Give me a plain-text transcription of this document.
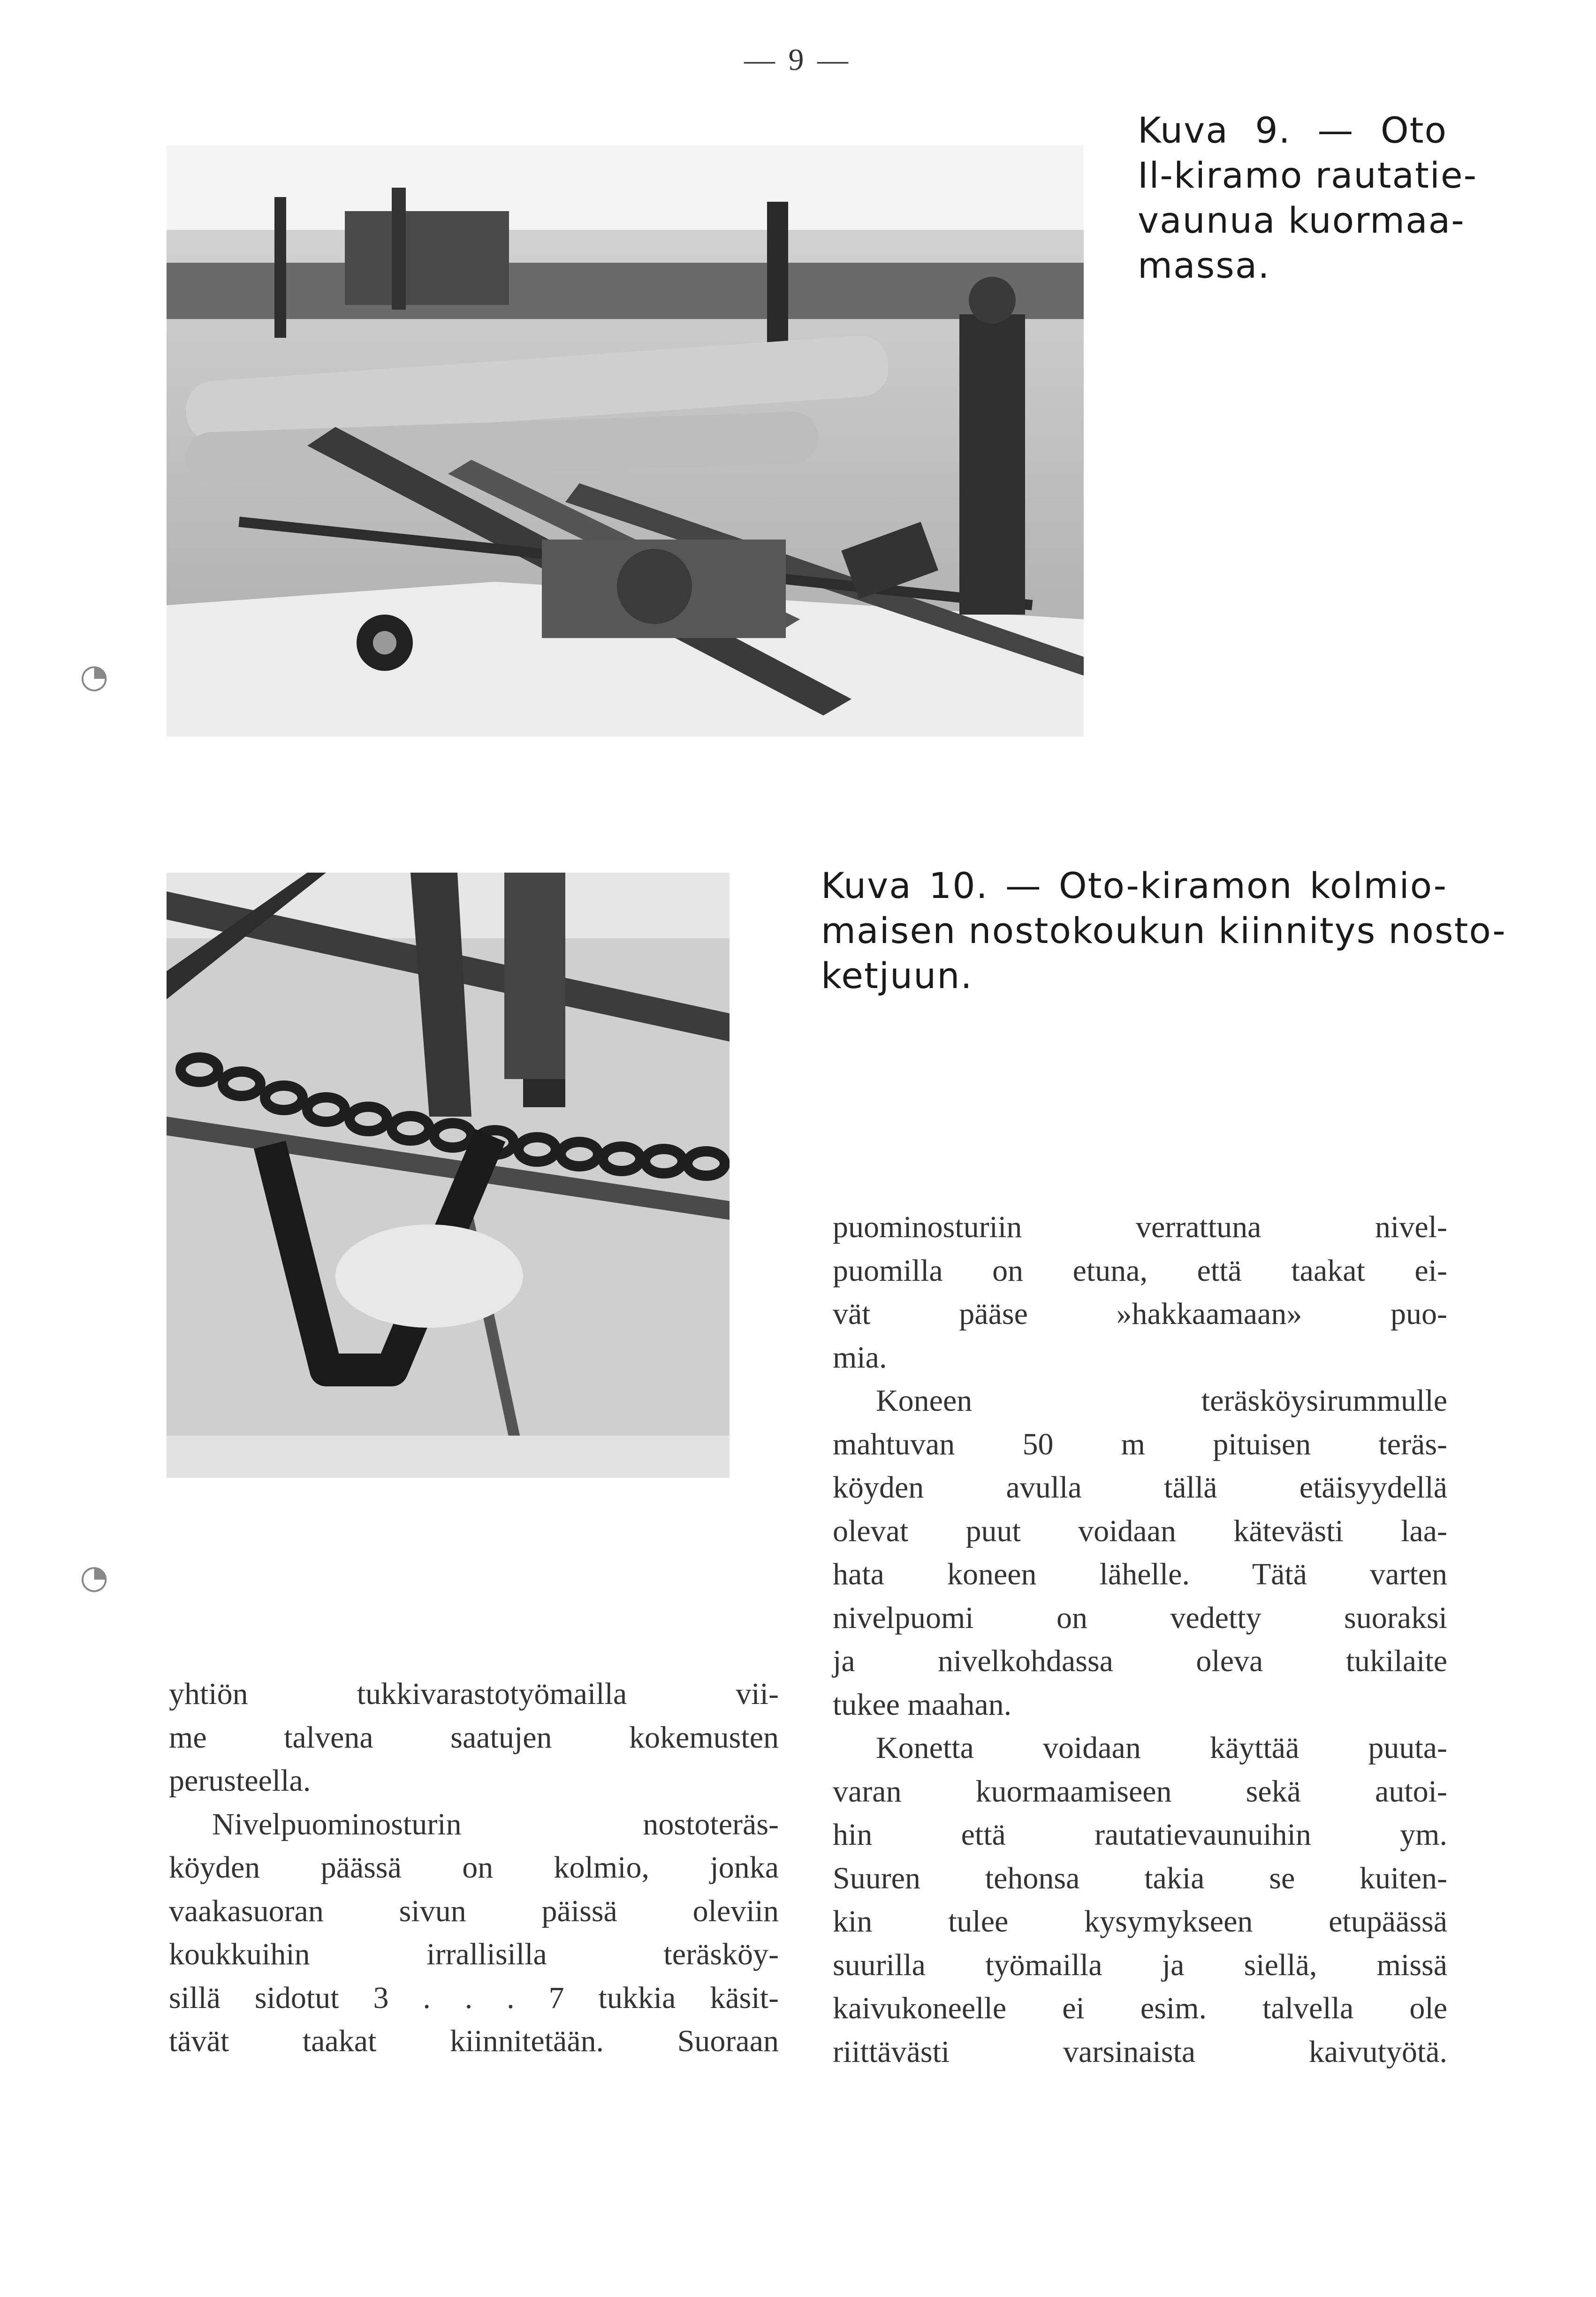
— 9 —
Kuva 9. — Oto
Il-kiramo rautatie-
vaunua kuormaa-
massa.
Kuva 10. — Oto-kiramon kolmio-
maisen nostokoukun kiinnitys nosto-
ketjuun.
yhtiön tukkivarastotyömailla vii-
me talvena saatujen kokemusten
perusteella.
Nivelpuominosturin nostoteräs-
köyden päässä on kolmio, jonka
vaakasuoran sivun päissä oleviin
koukkuihin irrallisilla teräsköy-
sillä sidotut 3 . . . 7 tukkia käsit-
tävät taakat kiinnitetään. Suoraan
puominosturiin verrattuna nivel-
puomilla on etuna, että taakat ei-
vät pääse »hakkaamaan» puo-
mia.
Koneen teräsköysirummulle
mahtuvan 50 m pituisen teräs-
köyden avulla tällä etäisyydellä
olevat puut voidaan kätevästi laa-
hata koneen lähelle. Tätä varten
nivelpuomi on vedetty suoraksi
ja nivelkohdassa oleva tukilaite
tukee maahan.
Konetta voidaan käyttää puuta-
varan kuormaamiseen sekä autoi-
hin että rautatievaunuihin ym.
Suuren tehonsa takia se kuiten-
kin tulee kysymykseen etupäässä
suurilla työmailla ja siellä, missä
kaivukoneelle ei esim. talvella ole
riittävästi varsinaista kaivutyötä.
◔
◔
